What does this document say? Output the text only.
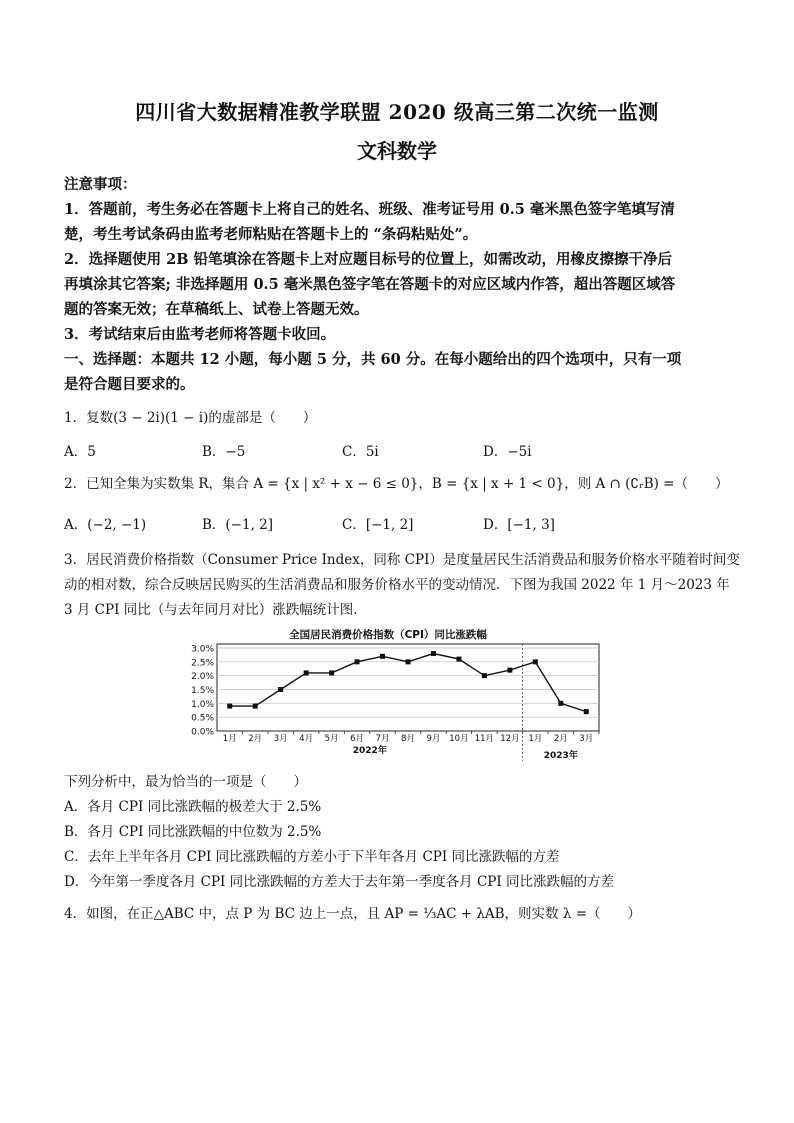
四川省大数据精准教学联盟 2020 级高三第二次统一监测
文科数学
注意事项：
1．答题前，考生务必在答题卡上将自己的姓名、班级、准考证号用 0.5 毫米黑色签字笔填写清
楚，考生考试条码由监考老师粘贴在答题卡上的 “条码粘贴处”。
2．选择题使用 2B 铅笔填涂在答题卡上对应题目标号的位置上，如需改动，用橡皮擦擦干净后
再填涂其它答案; 非选择题用 0.5 毫米黑色签字笔在答题卡的对应区域内作答，超出答题区域答
题的答案无效；在草稿纸上、试卷上答题无效。
3．考试结束后由监考老师将答题卡收回。
一、选择题：本题共 12 小题，每小题 5 分，共 60 分。在每小题给出的四个选项中，只有一项
是符合题目要求的。
1．复数(3 − 2i)(1 − i)的虚部是（　　）
A．5	B．−5	C．5i	D．−5i
2．已知全集为实数集 R，集合 A = {x | x² + x − 6 ≤ 0}，B = {x | x + 1 < 0}，则 A ∩ (∁ᵣB) =（　　）
A．(−2, −1)	B．(−1, 2]	C．[−1, 2]	D．[−1, 3]
3．居民消费价格指数（Consumer Price Index，同称 CPI）是度量居民生活消费品和服务价格水平随着时间变
动的相对数，综合反映居民购买的生活消费品和服务价格水平的变动情况．下图为我国 2022 年 1 月～2023 年
3 月 CPI 同比（与去年同月对比）涨跌幅统计图．
全国居民消费价格指数（CPI）同比涨跌幅
0.0%
0.5%
1.0%
1.5%
2.0%
2.5%
3.0%
1月 2月 3月 4月 5月 6月 7月 8月 9月 10月 11月 12月 1月 2月 3月
2022年	2023年
下列分析中，最为恰当的一项是（　　）
A．各月 CPI 同比涨跌幅的极差大于 2.5%
B．各月 CPI 同比涨跌幅的中位数为 2.5%
C．去年上半年各月 CPI 同比涨跌幅的方差小于下半年各月 CPI 同比涨跌幅的方差
D．今年第一季度各月 CPI 同比涨跌幅的方差大于去年第一季度各月 CPI 同比涨跌幅的方差
4．如图，在正△ABC 中，点 P 为 BC 边上一点，且 AP = ⅓AC + λAB，则实数 λ =（　　）
